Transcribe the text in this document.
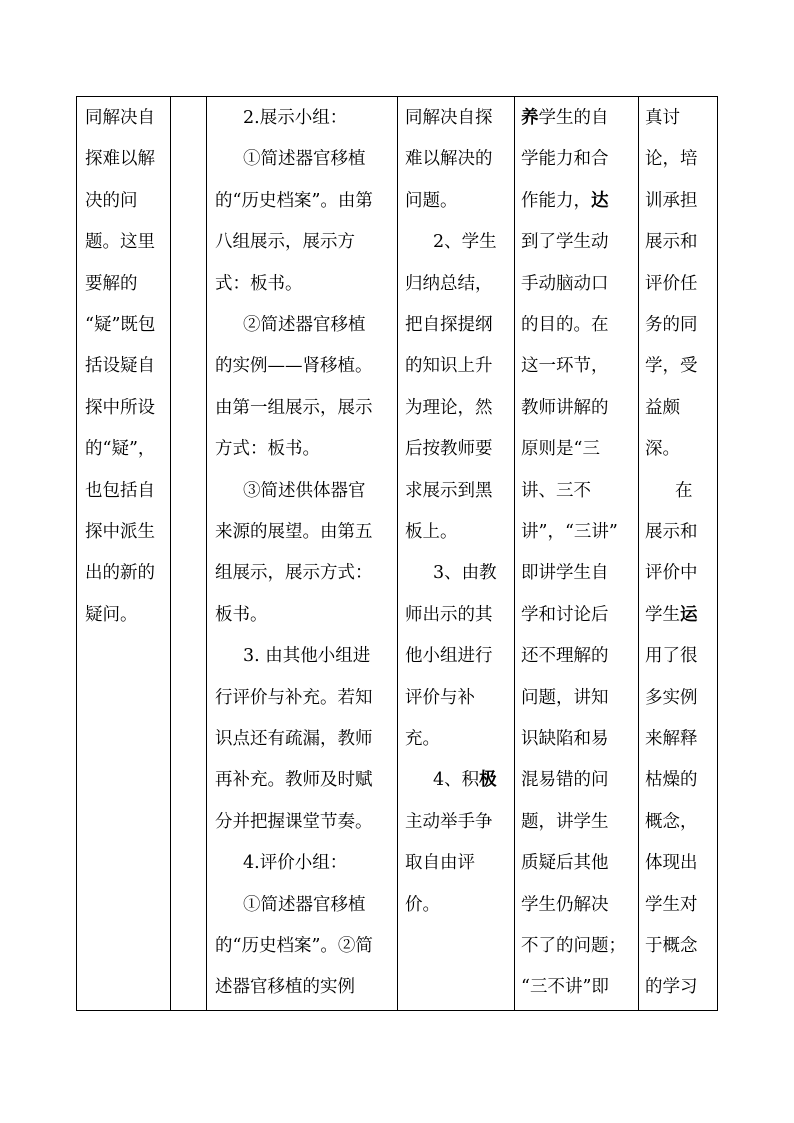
同解决自
探难以解
决的问
题。这里
要解的
“疑”既包
括设疑自
探中所设
的“疑”，
也包括自
探中派生
出的新的
疑问。
2.展示小组：
①简述器官移植
的“历史档案”。由第
八组展示，展示方
式：板书。
②简述器官移植
的实例——肾移植。
由第一组展示，展示
方式：板书。
③简述供体器官
来源的展望。由第五
组展示，展示方式：
板书。
3. 由其他小组进
行评价与补充。若知
识点还有疏漏，教师
再补充。教师及时赋
分并把握课堂节奏。
4.评价小组：
①简述器官移植
的“历史档案”。②简
述器官移植的实例
同解决自探
难以解决的
问题。
2、学生
归纳总结，
把自探提纲
的知识上升
为理论，然
后按教师要
求展示到黑
板上。
3、由教
师出示的其
他小组进行
评价与补
充。
4、积极
主动举手争
取自由评
价。
养学生的自
学能力和合
作能力，达
到了学生动
手动脑动口
的目的。在
这一环节，
教师讲解的
原则是“三
讲、三不
讲”，“三讲”
即讲学生自
学和讨论后
还不理解的
问题，讲知
识缺陷和易
混易错的问
题，讲学生
质疑后其他
学生仍解决
不了的问题；
“三不讲”即
真讨
论，培
训承担
展示和
评价任
务的同
学，受
益颇
深。
在
展示和
评价中
学生运
用了很
多实例
来解释
枯燥的
概念，
体现出
学生对
于概念
的学习
